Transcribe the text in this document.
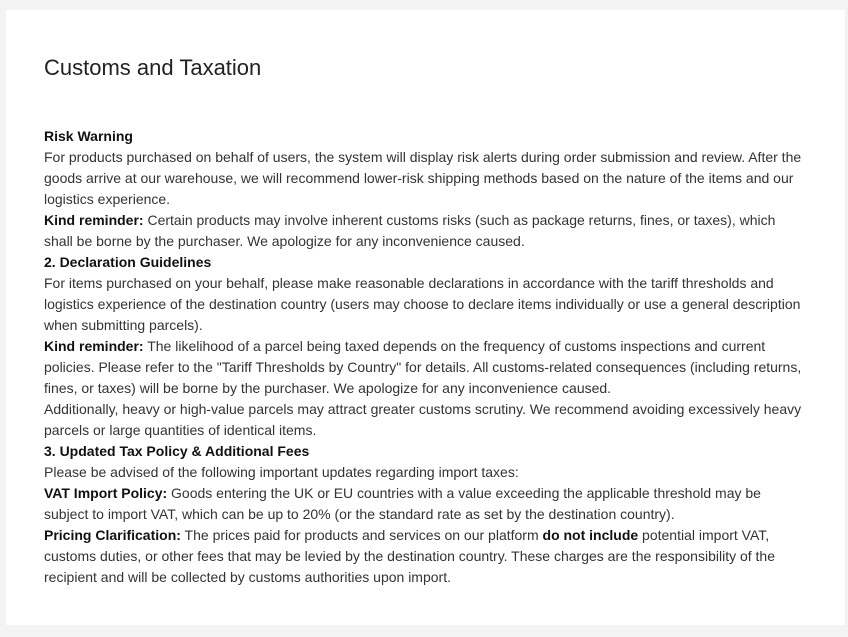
Customs and Taxation

Risk Warning

For products purchased on behalf of users, the system will display risk alerts during order submission and review. After the goods arrive at our warehouse, we will recommend lower-risk shipping methods based on the nature of the items and our logistics experience.

Kind reminder: Certain products may involve inherent customs risks (such as package returns, fines, or taxes), which shall be borne by the purchaser. We apologize for any inconvenience caused.

2. Declaration Guidelines

For items purchased on your behalf, please make reasonable declarations in accordance with the tariff thresholds and logistics experience of the destination country (users may choose to declare items individually or use a general description when submitting parcels).

Kind reminder: The likelihood of a parcel being taxed depends on the frequency of customs inspections and current policies. Please refer to the "Tariff Thresholds by Country" for details. All customs-related consequences (including returns, fines, or taxes) will be borne by the purchaser. We apologize for any inconvenience caused.

Additionally, heavy or high-value parcels may attract greater customs scrutiny. We recommend avoiding excessively heavy parcels or large quantities of identical items.

3. Updated Tax Policy & Additional Fees

Please be advised of the following important updates regarding import taxes:

VAT Import Policy: Goods entering the UK or EU countries with a value exceeding the applicable threshold may be subject to import VAT, which can be up to 20% (or the standard rate as set by the destination country).

Pricing Clarification: The prices paid for products and services on our platform do not include potential import VAT, customs duties, or other fees that may be levied by the destination country. These charges are the responsibility of the recipient and will be collected by customs authorities upon import.
